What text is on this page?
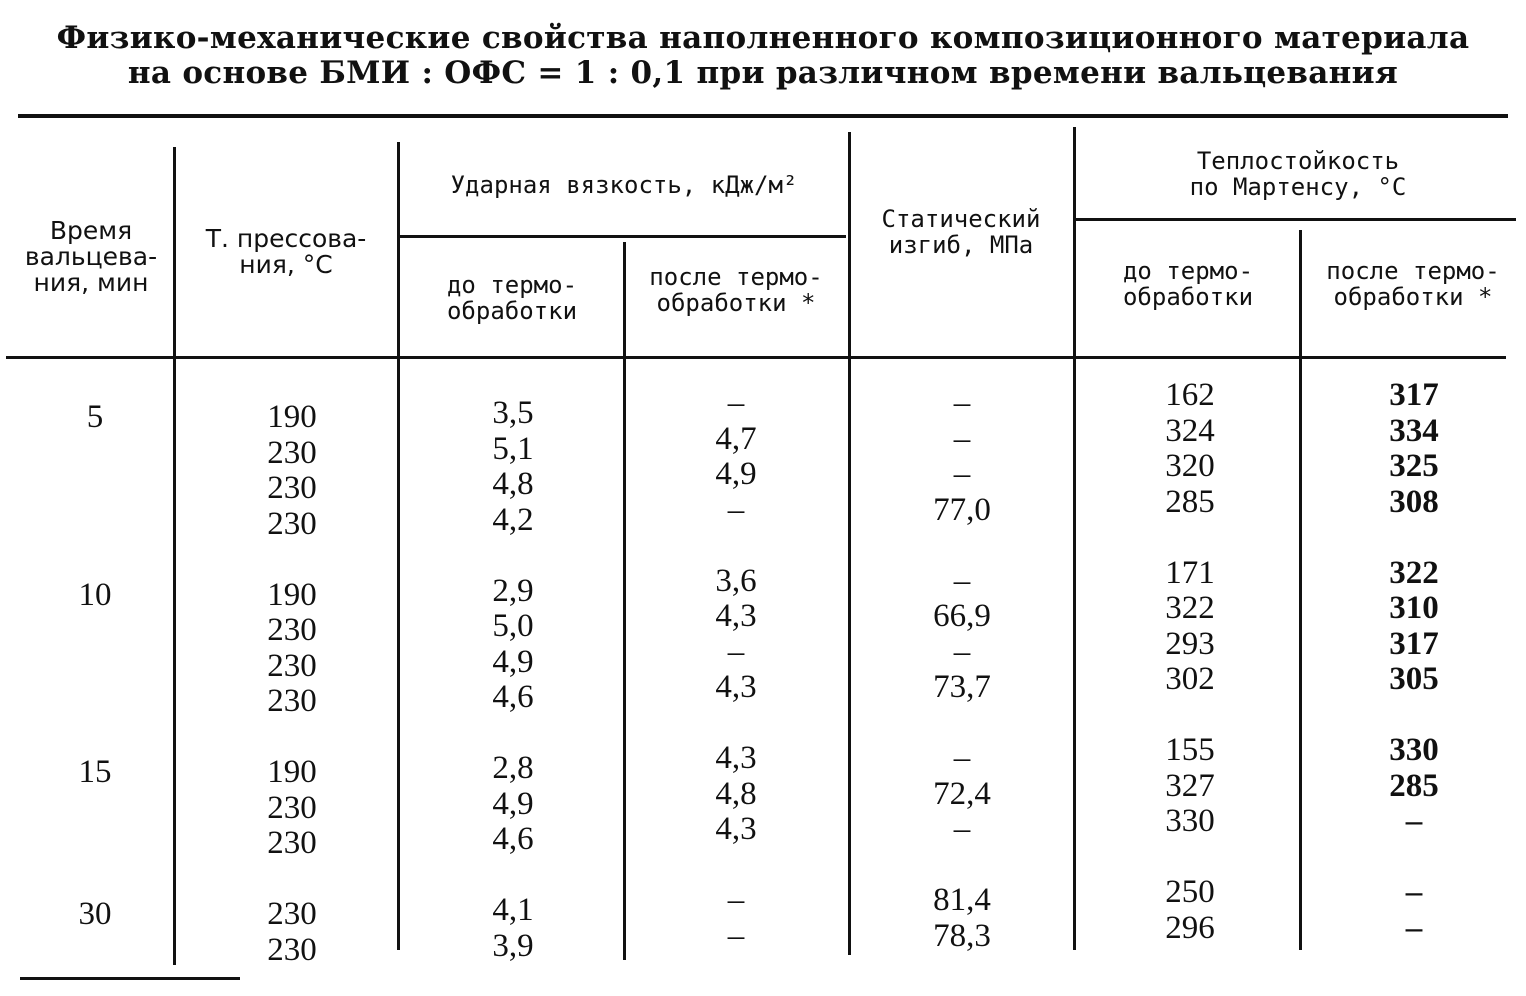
Физико-механические свойства наполненного композиционного материала
на основе БМИ : ОФС = 1 : 0,1 при различном времени вальцевания
Время
вальцева-
ния, мин
Т. прессова-
ния, °С
Ударная вязкость, кДж/м²
до термо-
обработки
после термо-
обработки *
Статический
изгиб, МПа
Теплостойкость
по Мартенсу, °С
до термо-
обработки
после термо-
обработки *
5
10
15
30
190
230
230
230
190
230
230
230
190
230
230
230
230
3,5
5,1
4,8
4,2
2,9
5,0
4,9
4,6
2,8
4,9
4,6
4,1
3,9
–
4,7
4,9
–
3,6
4,3
–
4,3
4,3
4,8
4,3
–
–
–
–
–
77,0
–
66,9
–
73,7
–
72,4
–
81,4
78,3
162
324
320
285
171
322
293
302
155
327
330
250
296
317
334
325
308
322
310
317
305
330
285
–
–
–
